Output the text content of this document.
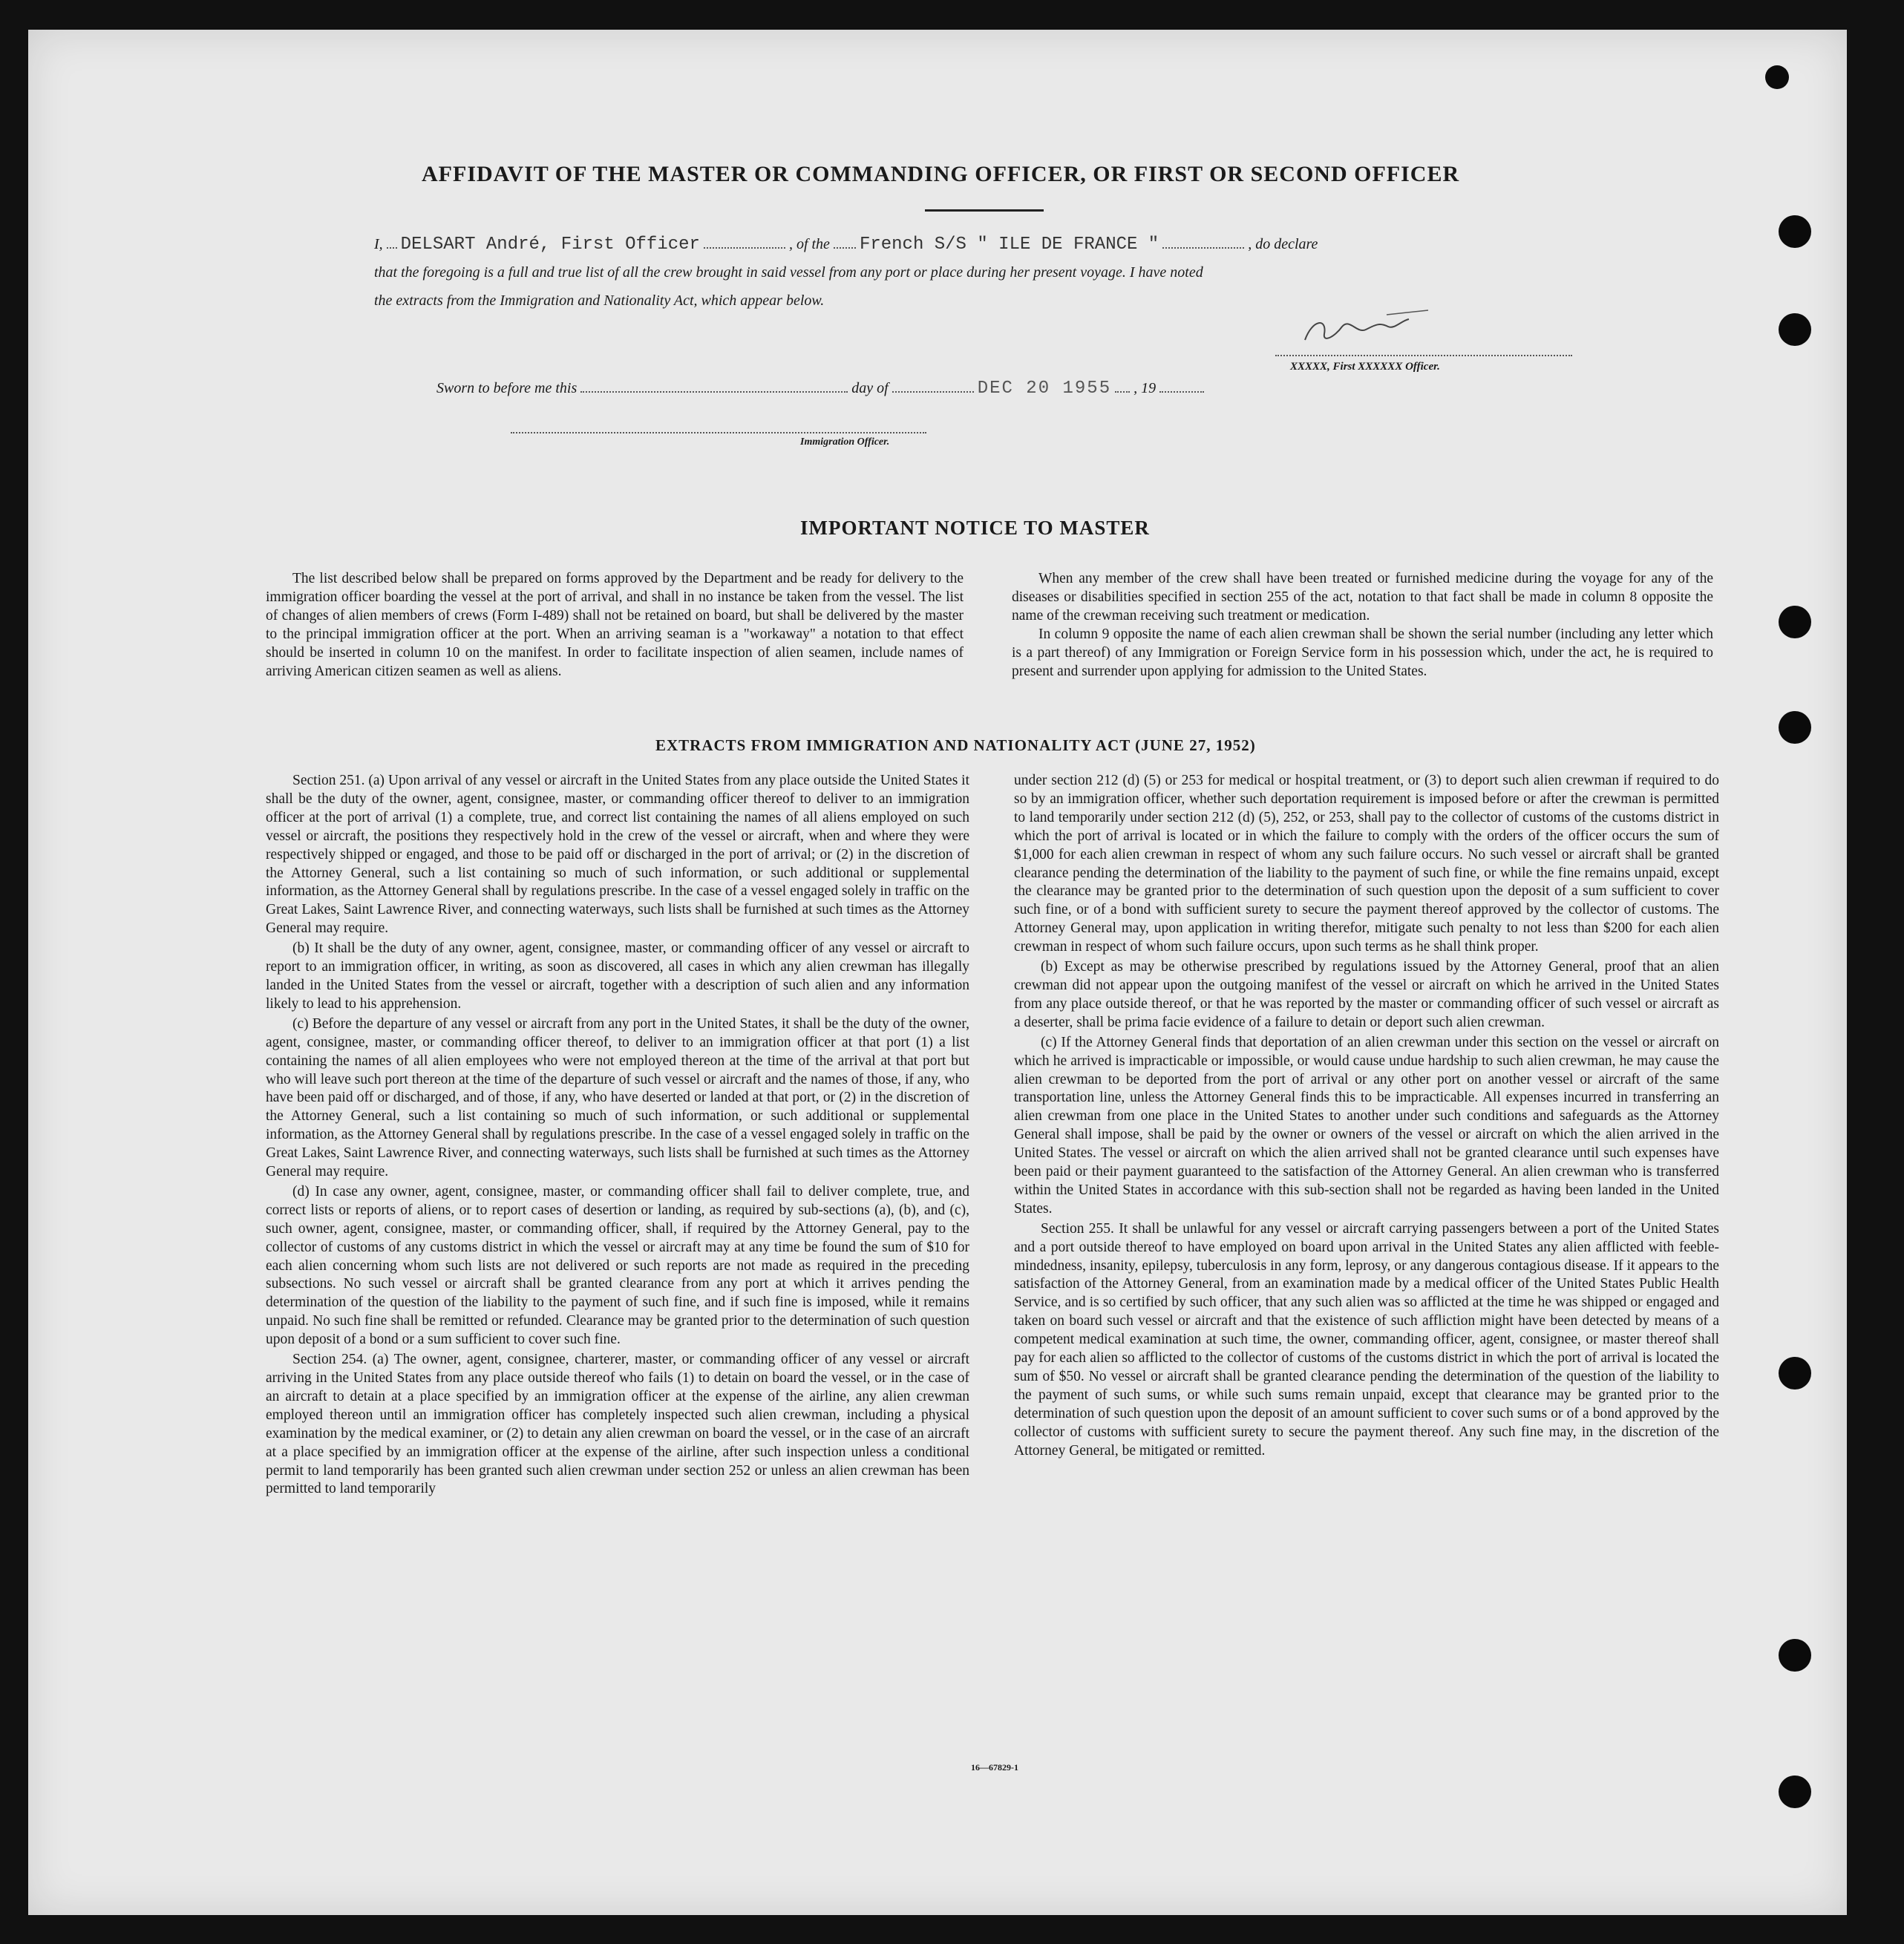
AFFIDAVIT OF THE MASTER OR COMMANDING OFFICER, OR FIRST OR SECOND OFFICER
I, DELSART André, First Officer	, of the French S/S " ILE DE FRANCE "	, do declare
that the foregoing is a full and true list of all the crew brought in said vessel from any port or place during her present voyage. I have noted
the extracts from the Immigration and Nationality Act, which appear below.
XXXXX, First XXXXXX Officer.
Sworn to before me this	day of	DEC 20 1955 , 19
Immigration Officer.
IMPORTANT NOTICE TO MASTER

The list described below shall be prepared on forms approved by the Department and be ready for delivery to the immigration officer boarding the vessel at the port of arrival, and shall in no instance be taken from the vessel. The list of changes of alien members of crews (Form I-489) shall not be retained on board, but shall be delivered by the master to the principal immigration officer at the port. When an arriving seaman is a "workaway" a notation to that effect should be inserted in column 10 on the manifest. In order to facilitate inspection of alien seamen, include names of arriving American citizen seamen as well as aliens.

When any member of the crew shall have been treated or furnished medicine during the voyage for any of the diseases or disabilities specified in section 255 of the act, notation to that fact shall be made in column 8 opposite the name of the crewman receiving such treatment or medication.

In column 9 opposite the name of each alien crewman shall be shown the serial number (including any letter which is a part thereof) of any Immigration or Foreign Service form in his possession which, under the act, he is required to present and surrender upon applying for admission to the United States.

EXTRACTS FROM IMMIGRATION AND NATIONALITY ACT (JUNE 27, 1952)

Section 251. (a) Upon arrival of any vessel or aircraft in the United States from any place outside the United States it shall be the duty of the owner, agent, consignee, master, or commanding officer thereof to deliver to an immigration officer at the port of arrival (1) a complete, true, and correct list containing the names of all aliens employed on such vessel or aircraft, the positions they respectively hold in the crew of the vessel or aircraft, when and where they were respectively shipped or engaged, and those to be paid off or discharged in the port of arrival; or (2) in the discretion of the Attorney General, such a list containing so much of such information, or such additional or supplemental information, as the Attorney General shall by regulations prescribe. In the case of a vessel engaged solely in traffic on the Great Lakes, Saint Lawrence River, and connecting waterways, such lists shall be furnished at such times as the Attorney General may require.

(b) It shall be the duty of any owner, agent, consignee, master, or commanding officer of any vessel or aircraft to report to an immigration officer, in writing, as soon as discovered, all cases in which any alien crewman has illegally landed in the United States from the vessel or aircraft, together with a description of such alien and any information likely to lead to his apprehension.

(c) Before the departure of any vessel or aircraft from any port in the United States, it shall be the duty of the owner, agent, consignee, master, or commanding officer thereof, to deliver to an immigration officer at that port (1) a list containing the names of all alien employees who were not employed thereon at the time of the arrival at that port but who will leave such port thereon at the time of the departure of such vessel or aircraft and the names of those, if any, who have been paid off or discharged, and of those, if any, who have deserted or landed at that port, or (2) in the discretion of the Attorney General, such a list containing so much of such information, or such additional or supplemental information, as the Attorney General shall by regulations prescribe. In the case of a vessel engaged solely in traffic on the Great Lakes, Saint Lawrence River, and connecting waterways, such lists shall be furnished at such times as the Attorney General may require.

(d) In case any owner, agent, consignee, master, or commanding officer shall fail to deliver complete, true, and correct lists or reports of aliens, or to report cases of desertion or landing, as required by sub-sections (a), (b), and (c), such owner, agent, consignee, master, or commanding officer, shall, if required by the Attorney General, pay to the collector of customs of any customs district in which the vessel or aircraft may at any time be found the sum of $10 for each alien concerning whom such lists are not delivered or such reports are not made as required in the preceding subsections. No such vessel or aircraft shall be granted clearance from any port at which it arrives pending the determination of the question of the liability to the payment of such fine, and if such fine is imposed, while it remains unpaid. No such fine shall be remitted or refunded. Clearance may be granted prior to the determination of such question upon deposit of a bond or a sum sufficient to cover such fine.

Section 254. (a) The owner, agent, consignee, charterer, master, or commanding officer of any vessel or aircraft arriving in the United States from any place outside thereof who fails (1) to detain on board the vessel, or in the case of an aircraft to detain at a place specified by an immigration officer at the expense of the airline, any alien crewman employed thereon until an immigration officer has completely inspected such alien crewman, including a physical examination by the medical examiner, or (2) to detain any alien crewman on board the vessel, or in the case of an aircraft at a place specified by an immigration officer at the expense of the airline, after such inspection unless a conditional permit to land temporarily has been granted such alien crewman under section 252 or unless an alien crewman has been permitted to land temporarily

under section 212 (d) (5) or 253 for medical or hospital treatment, or (3) to deport such alien crewman if required to do so by an immigration officer, whether such deportation requirement is imposed before or after the crewman is permitted to land temporarily under section 212 (d) (5), 252, or 253, shall pay to the collector of customs of the customs district in which the port of arrival is located or in which the failure to comply with the orders of the officer occurs the sum of $1,000 for each alien crewman in respect of whom any such failure occurs. No such vessel or aircraft shall be granted clearance pending the determination of the liability to the payment of such fine, or while the fine remains unpaid, except the clearance may be granted prior to the determination of such question upon the deposit of a sum sufficient to cover such fine, or of a bond with sufficient surety to secure the payment thereof approved by the collector of customs. The Attorney General may, upon application in writing therefor, mitigate such penalty to not less than $200 for each alien crewman in respect of whom such failure occurs, upon such terms as he shall think proper.

(b) Except as may be otherwise prescribed by regulations issued by the Attorney General, proof that an alien crewman did not appear upon the outgoing manifest of the vessel or aircraft on which he arrived in the United States from any place outside thereof, or that he was reported by the master or commanding officer of such vessel or aircraft as a deserter, shall be prima facie evidence of a failure to detain or deport such alien crewman.

(c) If the Attorney General finds that deportation of an alien crewman under this section on the vessel or aircraft on which he arrived is impracticable or impossible, or would cause undue hardship to such alien crewman, he may cause the alien crewman to be deported from the port of arrival or any other port on another vessel or aircraft of the same transportation line, unless the Attorney General finds this to be impracticable. All expenses incurred in transferring an alien crewman from one place in the United States to another under such conditions and safeguards as the Attorney General shall impose, shall be paid by the owner or owners of the vessel or aircraft on which the alien arrived in the United States. The vessel or aircraft on which the alien arrived shall not be granted clearance until such expenses have been paid or their payment guaranteed to the satisfaction of the Attorney General. An alien crewman who is transferred within the United States in accordance with this sub-section shall not be regarded as having been landed in the United States.

Section 255. It shall be unlawful for any vessel or aircraft carrying passengers between a port of the United States and a port outside thereof to have employed on board upon arrival in the United States any alien afflicted with feeble-mindedness, insanity, epilepsy, tuberculosis in any form, leprosy, or any dangerous contagious disease. If it appears to the satisfaction of the Attorney General, from an examination made by a medical officer of the United States Public Health Service, and is so certified by such officer, that any such alien was so afflicted at the time he was shipped or engaged and taken on board such vessel or aircraft and that the existence of such affliction might have been detected by means of a competent medical examination at such time, the owner, commanding officer, agent, consignee, or master thereof shall pay for each alien so afflicted to the collector of customs of the customs district in which the port of arrival is located the sum of $50. No vessel or aircraft shall be granted clearance pending the determination of the question of the liability to the payment of such sums, or while such sums remain unpaid, except that clearance may be granted prior to the determination of such question upon the deposit of an amount sufficient to cover such sums or of a bond approved by the collector of customs with sufficient surety to secure the payment thereof. Any such fine may, in the discretion of the Attorney General, be mitigated or remitted.

16—67829-1
